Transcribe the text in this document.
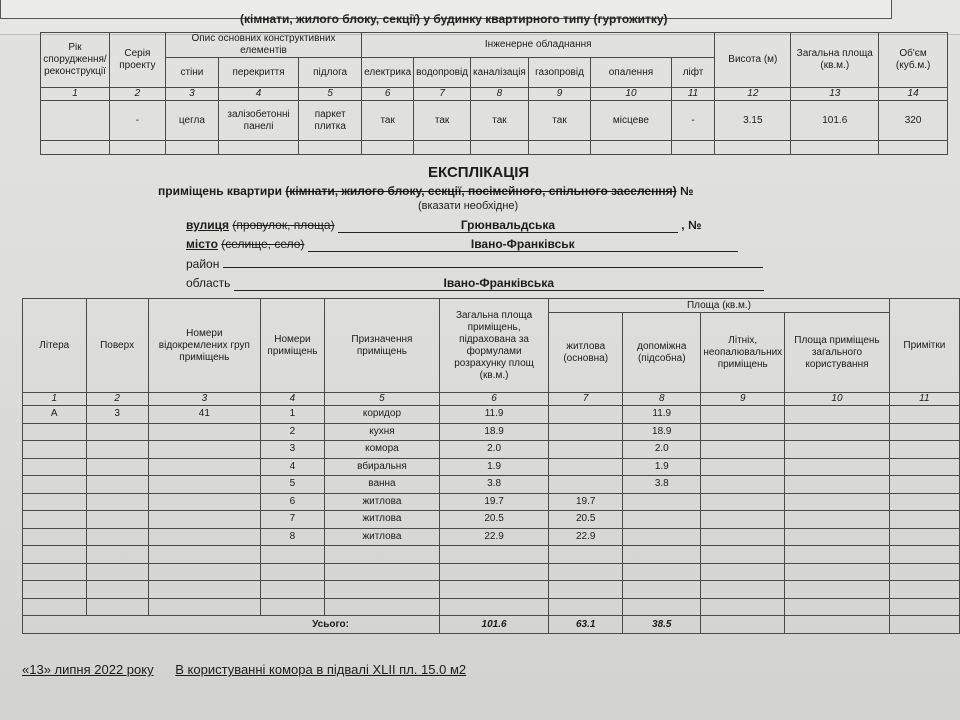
(кімнати, жилого блоку, секції) у будинку квартирного типу (гуртожитку)
Рік спорудження/реконструкції	Серія проекту	Опис основних конструктивних елементів			Інженерне обладнання						Висота (м)	Загальна площа (кв.м.)	Об'єм (куб.м.)
		стіни	перекриття	підлога	електрика	водопровід	каналізація	газопровід	опалення	ліфт			
1	2	3	4	5	6	7	8	9	10	11	12	13	14
	-	цегла	залізобетонні панелі	паркет плитка	так	так	так	так	місцеве	-	3.15	101.6	320

ЕКСПЛІКАЦІЯ
приміщень квартири (кімнати, жилого блоку, секції, посімейного, спільного заселення) №
(вказати необхідне)
вулиця (провулок, площа)	Грюнвальдська	, №
місто (селище, село)	Івано-Франківськ
район
область	Івано-Франківська
Літера	Поверх	Номери відокремлених груп приміщень	Номери приміщень	Призначення приміщень	Загальна площа приміщень, підрахована за формулами розрахунку площ (кв.м.)	Площа (кв.м.)				Примітки
						житлова (основна)	допоміжна (підсобна)	Літніх, неопалювальних приміщень	Площа приміщень загального користування	
1	2	3	4	5	6	7	8	9	10	11
А	3	41	1	коридор	11.9		11.9			
			2	кухня	18.9		18.9			
			3	комора	2.0		2.0			
			4	вбиральня	1.9		1.9			
			5	ванна	3.8		3.8			
			6	житлова	19.7	19.7				
			7	житлова	20.5	20.5				
			8	житлова	22.9	22.9				

Усього:					101.6	63.1	38.5			
«13» липня 2022 року В користуванні комора в підвалі XLII пл. 15.0 м2
